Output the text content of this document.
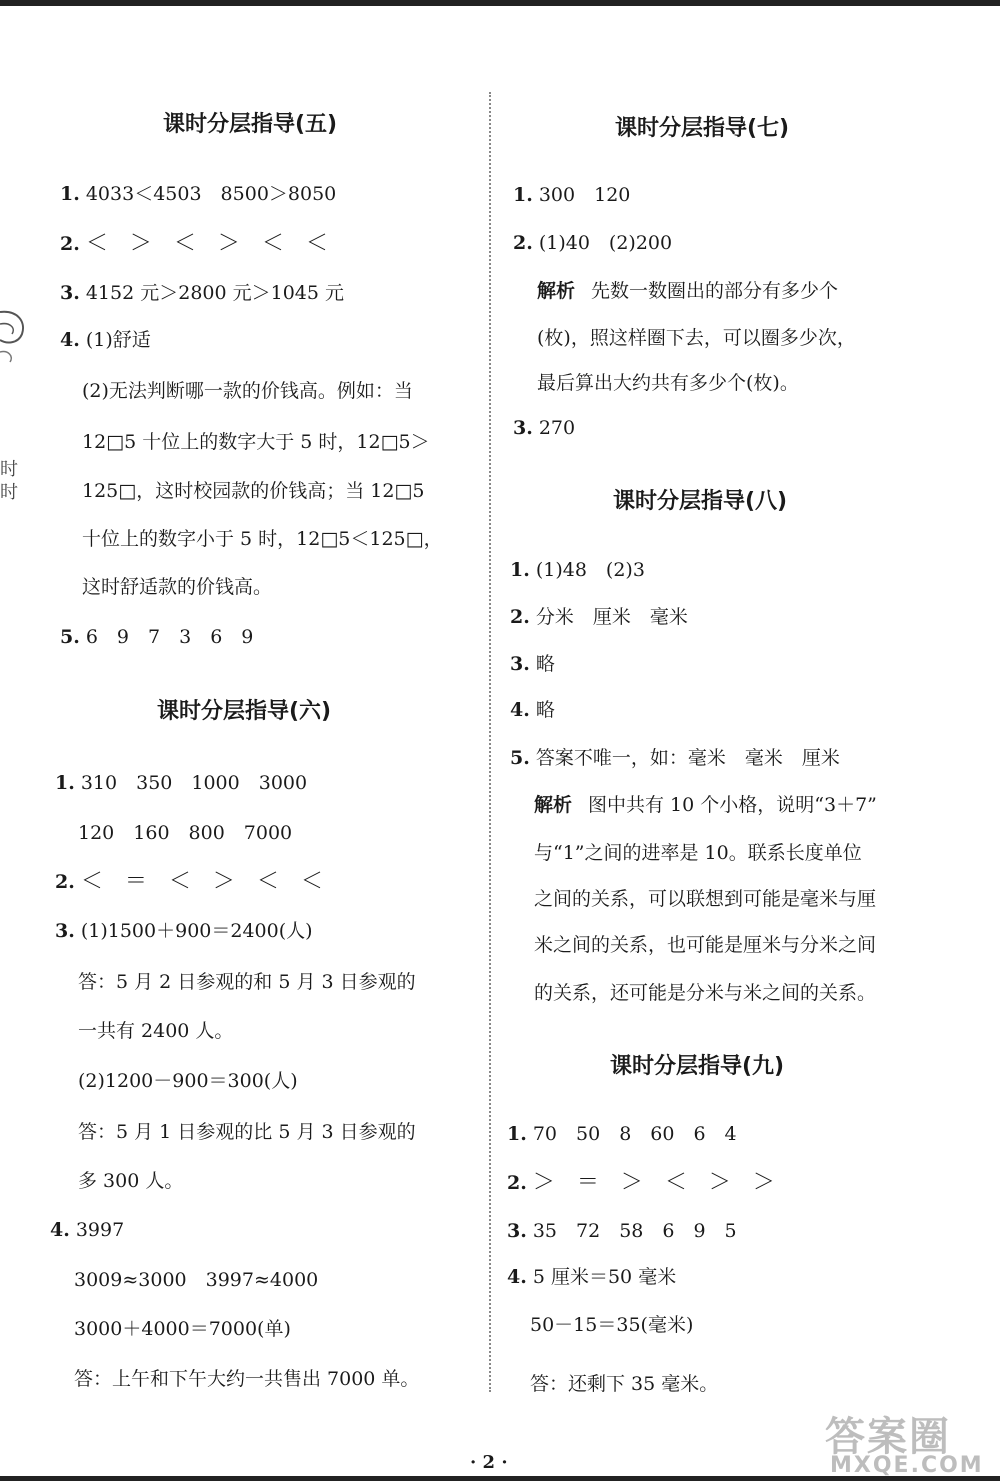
时
时
课时分层指导(五)
1. 4033＜4503　8500＞8050
2. ＜　＞　＜　＞　＜　＜
3. 4152 元＞2800 元＞1045 元
4. (1)舒适
(2)无法判断哪一款的价钱高。例如：当
12□5 十位上的数字大于 5 时，12□5＞
125□，这时校园款的价钱高；当 12□5
十位上的数字小于 5 时，12□5＜125□，
这时舒适款的价钱高。
5. 6　9　7　3　6　9
课时分层指导(六)
1. 310　350　1000　3000
120　160　800　7000
2. ＜　＝　＜　＞　＜　＜
3. (1)1500＋900＝2400(人)
答：5 月 2 日参观的和 5 月 3 日参观的
一共有 2400 人。
(2)1200－900＝300(人)
答：5 月 1 日参观的比 5 月 3 日参观的
多 300 人。
4. 3997
3009≈3000　3997≈4000
3000＋4000＝7000(单)
答：上午和下午大约一共售出 7000 单。
课时分层指导(七)
1. 300　120
2. (1)40　(2)200
解析 先数一数圈出的部分有多少个
(枚)，照这样圈下去，可以圈多少次，
最后算出大约共有多少个(枚)。
3. 270
课时分层指导(八)
1. (1)48　(2)3
2. 分米　厘米　毫米
3. 略
4. 略
5. 答案不唯一，如：毫米　毫米　厘米
解析 图中共有 10 个小格，说明“3＋7”
与“1”之间的进率是 10。联系长度单位
之间的关系，可以联想到可能是毫米与厘
米之间的关系，也可能是厘米与分米之间
的关系，还可能是分米与米之间的关系。
课时分层指导(九)
1. 70　50　8　60　6　4
2. ＞　＝　＞　＜　＞　＞
3. 35　72　58　6　9　5
4. 5 厘米＝50 毫米
50－15＝35(毫米)
答：还剩下 35 毫米。
· 2 ·
答案圈
MXQE.COM
